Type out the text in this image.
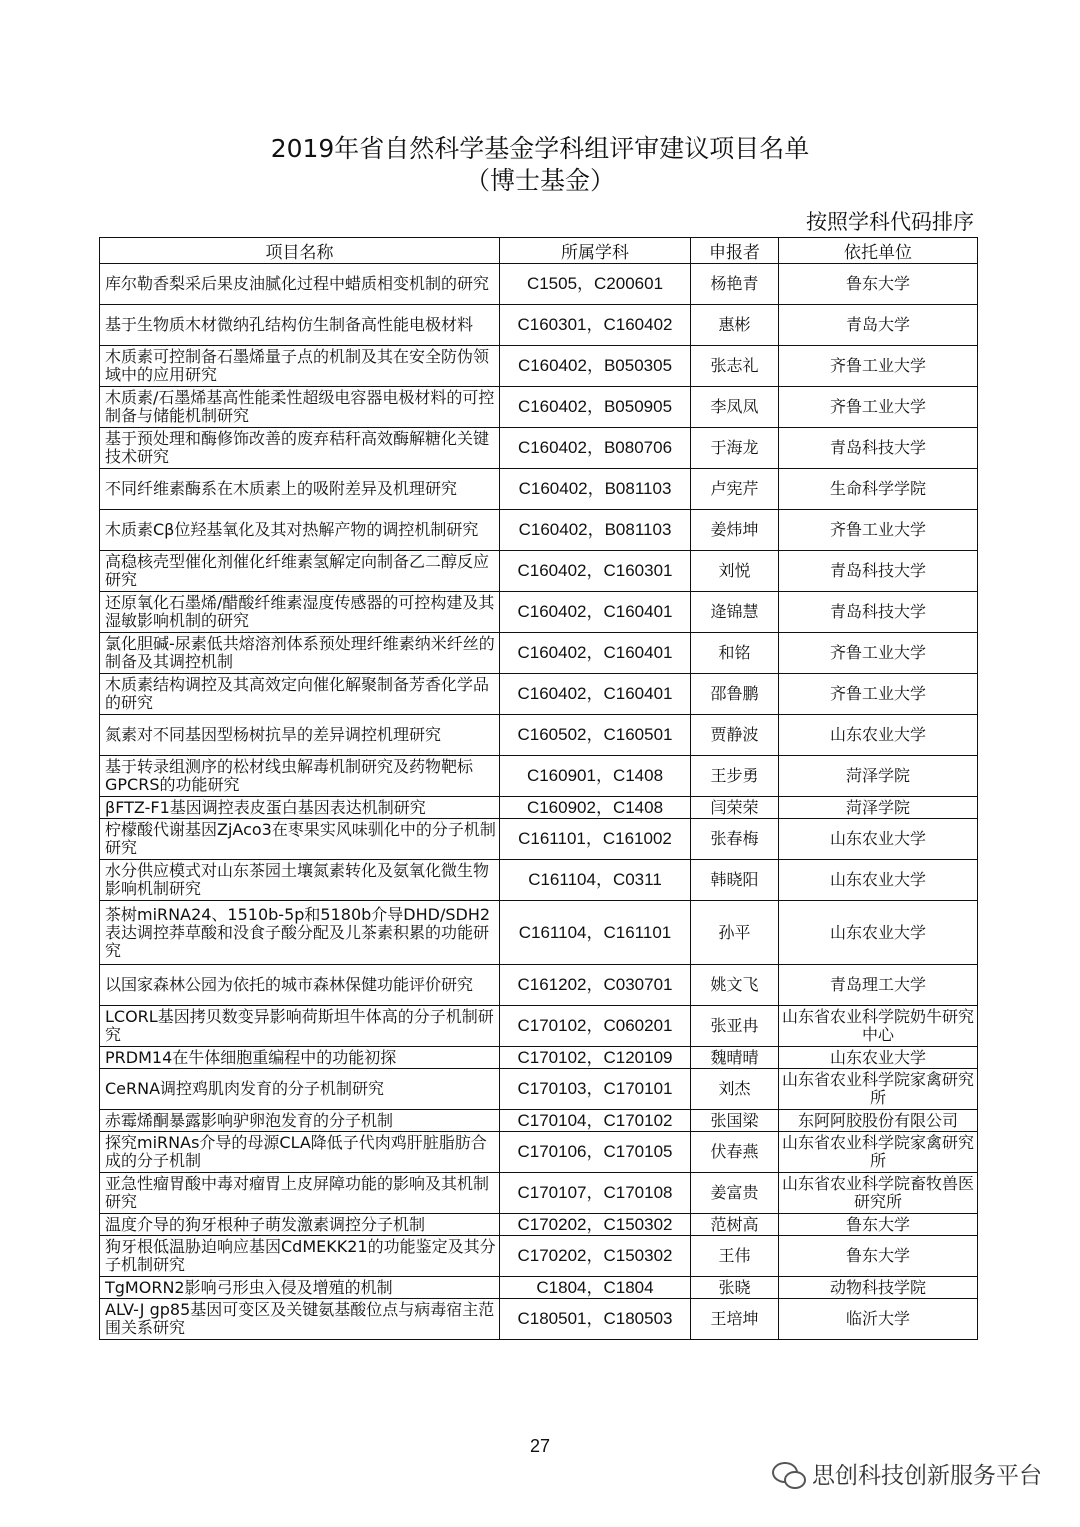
2019年省自然科学基金学科组评审建议项目名单
（博士基金）
按照学科代码排序
项目名称	所属学科	申报者	依托单位
库尔勒香梨采后果皮油腻化过程中蜡质相变机制的研究	C1505，C200601	杨艳青	鲁东大学
基于生物质木材微纳孔结构仿生制备高性能电极材料	C160301，C160402	惠彬	青岛大学
木质素可控制备石墨烯量子点的机制及其在安全防伪领域中的应用研究	C160402，B050305	张志礼	齐鲁工业大学
木质素/石墨烯基高性能柔性超级电容器电极材料的可控制备与储能机制研究	C160402，B050905	李凤凤	齐鲁工业大学
基于预处理和酶修饰改善的废弃秸秆高效酶解糖化关键技术研究	C160402，B080706	于海龙	青岛科技大学
不同纤维素酶系在木质素上的吸附差异及机理研究	C160402，B081103	卢宪芹	生命科学学院
木质素Cβ位羟基氧化及其对热解产物的调控机制研究	C160402，B081103	姜炜坤	齐鲁工业大学
高稳核壳型催化剂催化纤维素氢解定向制备乙二醇反应研究	C160402，C160301	刘悦	青岛科技大学
还原氧化石墨烯/醋酸纤维素湿度传感器的可控构建及其湿敏影响机制的研究	C160402，C160401	逄锦慧	青岛科技大学
氯化胆碱-尿素低共熔溶剂体系预处理纤维素纳米纤丝的制备及其调控机制	C160402，C160401	和铭	齐鲁工业大学
木质素结构调控及其高效定向催化解聚制备芳香化学品的研究	C160402，C160401	邵鲁鹏	齐鲁工业大学
氮素对不同基因型杨树抗旱的差异调控机理研究	C160502，C160501	贾静波	山东农业大学
基于转录组测序的松材线虫解毒机制研究及药物靶标GPCRS的功能研究	C160901，C1408	王步勇	菏泽学院
βFTZ-F1基因调控表皮蛋白基因表达机制研究	C160902，C1408	闫荣荣	菏泽学院
柠檬酸代谢基因ZjAco3在枣果实风味驯化中的分子机制研究	C161101，C161002	张春梅	山东农业大学
水分供应模式对山东茶园土壤氮素转化及氨氧化微生物影响机制研究	C161104，C0311	韩晓阳	山东农业大学
茶树miRNA24、1510b-5p和5180b介导DHD/SDH2表达调控莽草酸和没食子酸分配及儿茶素积累的功能研究	C161104，C161101	孙平	山东农业大学
以国家森林公园为依托的城市森林保健功能评价研究	C161202，C030701	姚文飞	青岛理工大学
LCORL基因拷贝数变异影响荷斯坦牛体高的分子机制研究	C170102，C060201	张亚冉	山东省农业科学院奶牛研究中心
PRDM14在牛体细胞重编程中的功能初探	C170102，C120109	魏晴晴	山东农业大学
CeRNA调控鸡肌肉发育的分子机制研究	C170103，C170101	刘杰	山东省农业科学院家禽研究所
赤霉烯酮暴露影响驴卵泡发育的分子机制	C170104，C170102	张国梁	东阿阿胶股份有限公司
探究miRNAs介导的母源CLA降低子代肉鸡肝脏脂肪合成的分子机制	C170106，C170105	伏春燕	山东省农业科学院家禽研究所
亚急性瘤胃酸中毒对瘤胃上皮屏障功能的影响及其机制研究	C170107，C170108	姜富贵	山东省农业科学院畜牧兽医研究所
温度介导的狗牙根种子萌发激素调控分子机制	C170202，C150302	范树高	鲁东大学
狗牙根低温胁迫响应基因CdMEKK21的功能鉴定及其分子机制研究	C170202，C150302	王伟	鲁东大学
TgMORN2影响弓形虫入侵及增殖的机制	C1804，C1804	张晓	动物科技学院
ALV-J gp85基因可变区及关键氨基酸位点与病毒宿主范围关系研究	C180501，C180503	王培坤	临沂大学
27
思创科技创新服务平台
